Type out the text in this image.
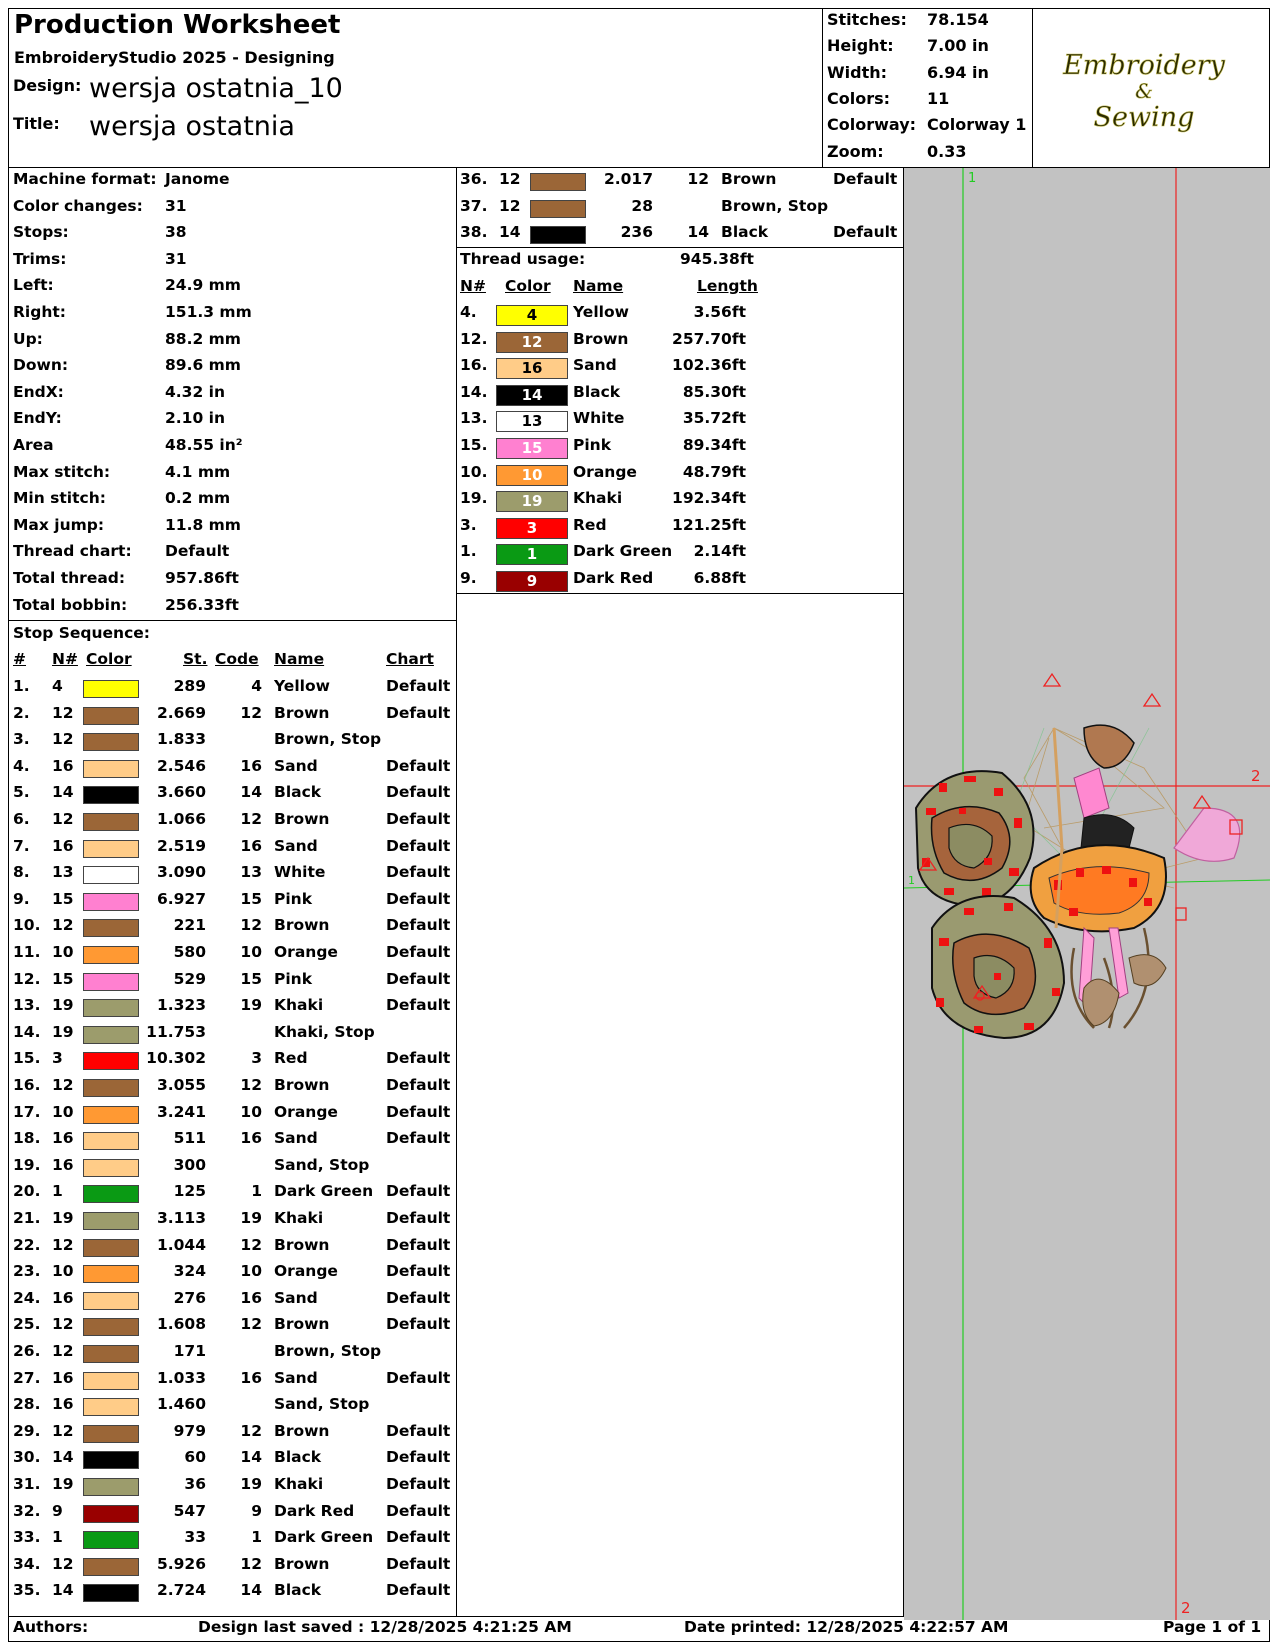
Production Worksheet
EmbroideryStudio 2025 - Designing
Design: wersja ostatnia_10
Title: wersja ostatnia
Stitches: 78.154
Height: 7.00 in
Width: 6.94 in
Colors: 11
Colorway: Colorway 1
Zoom:	0.33
Embroidery
&
Sewing
Machine format: Janome
Color changes: 31
Stops:	38
Trims:	31
Left:	24.9 mm
Right:	151.3 mm
Up:	88.2 mm
Down:	89.6 mm
EndX:	4.32 in
EndY:	2.10 in
Area	48.55 in²
Max stitch:	4.1 mm
Min stitch:	0.2 mm
Max jump:	11.8 mm
Thread chart: Default
Total thread:	957.86ft
Total bobbin: 256.33ft
Stop Sequence:
# N# Color	St. Code Name	Chart
1. 4	289	4 Yellow	Default
2. 12	2.669	12 Brown	Default
3. 12	1.833	Brown, Stop
4. 16	2.546	16 Sand	Default
5. 14	3.660	14 Black	Default
6. 12	1.066	12 Brown	Default
7. 16	2.519	16 Sand	Default
8. 13	3.090	13 White	Default
9. 15	6.927	15 Pink	Default
10. 12	221	12 Brown	Default
11. 10	580	10 Orange	Default
12. 15	529	15 Pink	Default
13. 19	1.323	19 Khaki	Default
14. 19	11.753	Khaki, Stop
15. 3	10.302	3 Red	Default
16. 12	3.055	12 Brown	Default
17. 10	3.241	10 Orange	Default
18. 16	511	16 Sand	Default
19. 16	300	Sand, Stop
20. 1	125	1 Dark Green Default
21. 19	3.113	19 Khaki	Default
22. 12	1.044	12 Brown	Default
23. 10	324	10 Orange	Default
24. 16	276	16 Sand	Default
25. 12	1.608	12 Brown	Default
26. 12	171	Brown, Stop
27. 16	1.033	16 Sand	Default
28. 16	1.460	Sand, Stop
29. 12	979	12 Brown	Default
30. 14	60	14 Black	Default
31. 19	36	19 Khaki	Default
32. 9	547	9 Dark Red Default
33. 1	33	1 Dark Green Default
34. 12	5.926	12 Brown	Default
35. 14	2.724	14 Black	Default
36. 12	2.017	12 Brown	Default
37. 12	28	Brown, Stop
38. 14	236	14 Black	Default
Thread usage:	945.38ft
N# Color Name	Length
4.	4	Yellow	3.56ft
12.	12	Brown	257.70ft
16.	16	Sand	102.36ft
14.	14	Black	85.30ft
13.	13	White	35.72ft
15.	15	Pink	89.34ft
10.	10	Orange	48.79ft
19.	19	Khaki	192.34ft
3.	3	Red	121.25ft
1.	1	Dark Green	2.14ft
9.	9	Dark Red	6.88ft
1
2
2
1
Authors:	Design last saved : 12/28/2025 4:21:25 AM	Date printed: 12/28/2025 4:22:57 AM	Page 1 of 1
